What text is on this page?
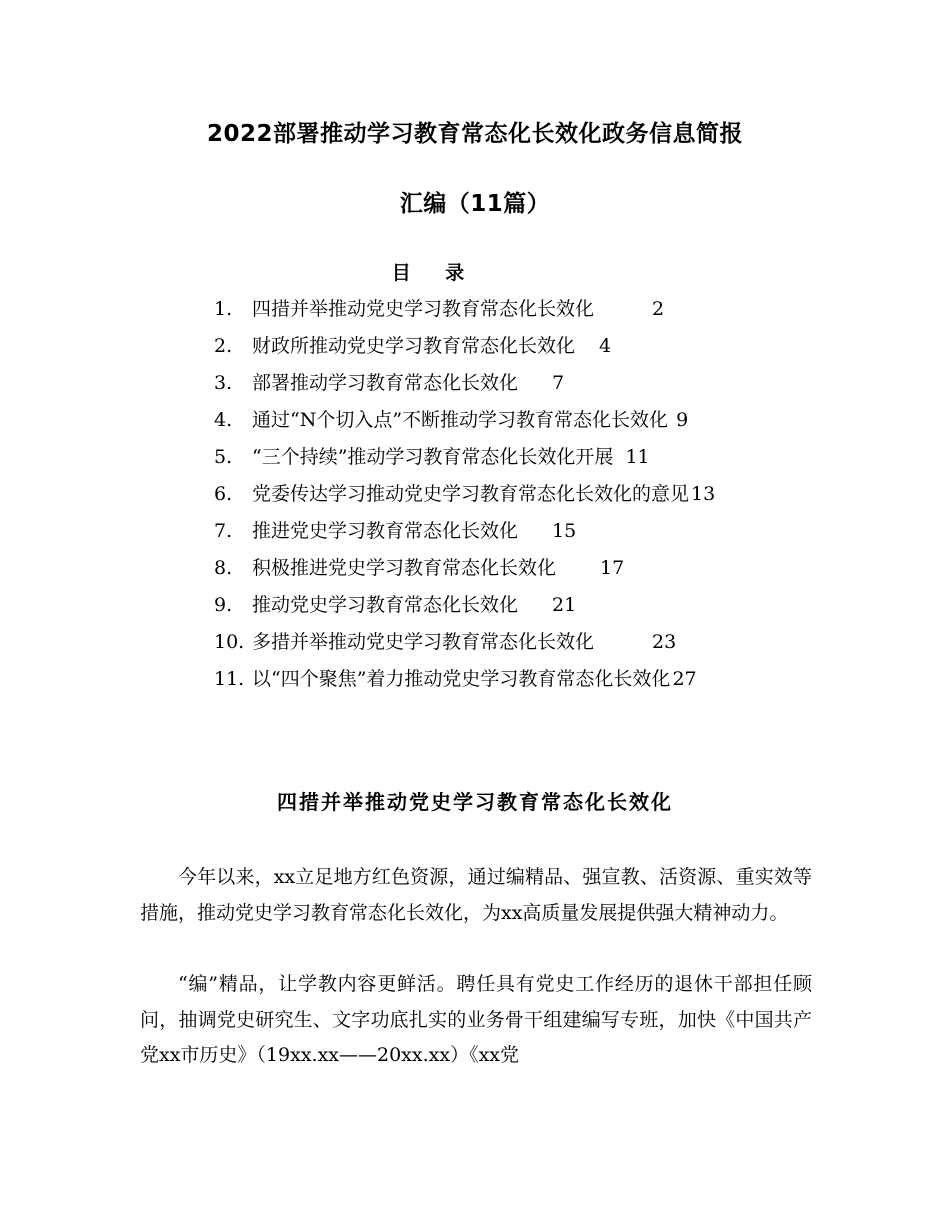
2022部署推动学习教育常态化长效化政务信息简报
汇编（11篇）
目 录
1. 四措并举推动党史学习教育常态化长效化	2
2. 财政所推动党史学习教育常态化长效化 4
3. 部署推动学习教育常态化长效化 7
4. 通过“N个切入点”不断推动学习教育常态化长效化 9
5. “三个持续”推动学习教育常态化长效化开展 11
6. 党委传达学习推动党史学习教育常态化长效化的意见 13
7. 推进党史学习教育常态化长效化 15
8. 积极推进党史学习教育常态化长效化 17
9. 推动党史学习教育常态化长效化 21
10. 多措并举推动党史学习教育常态化长效化	23
11. 以“四个聚焦”着力推动党史学习教育常态化长效化 27
四措并举推动党史学习教育常态化长效化

今年以来，xx立足地方红色资源，通过编精品、强宣教、活资源、重实效等措施，推动党史学习教育常态化长效化，为xx高质量发展提供强大精神动力。

“编”精品，让学教内容更鲜活。聘任具有党史工作经历的退休干部担任顾问，抽调党史研究生、文字功底扎实的业务骨干组建编写专班，加快《中国共产党xx市历史》（19xx.xx——20xx.xx）《xx党
